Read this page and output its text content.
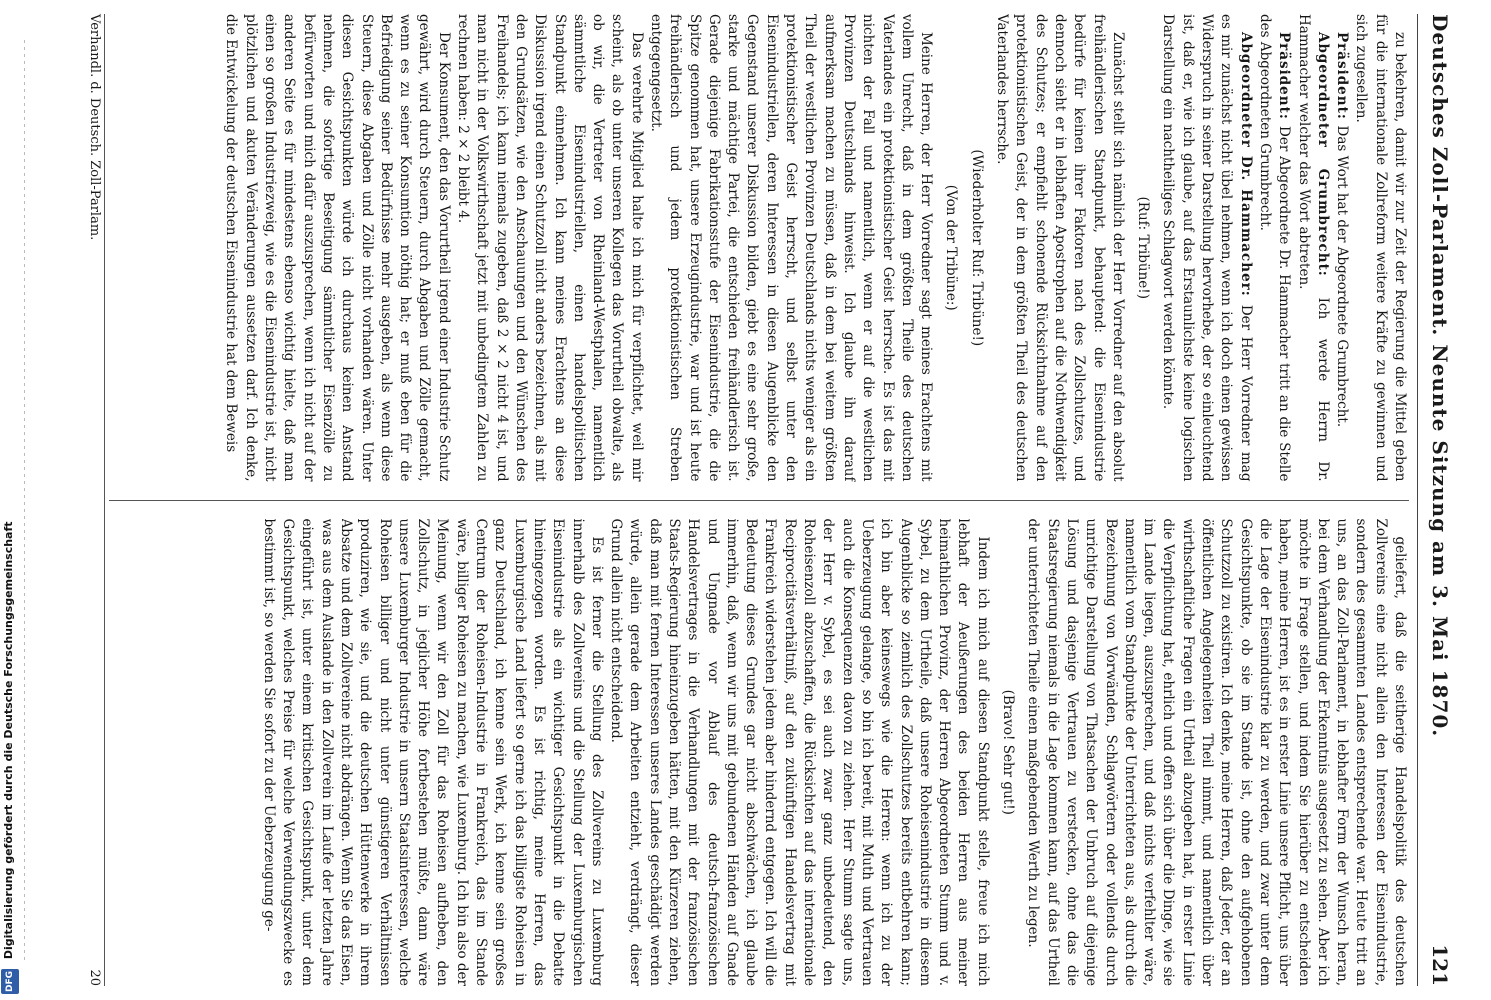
DFG Digitalisierung gefördert durch die Deutsche Forschungsgemeinschaft
Deutsches Zoll-Parlament. Neunte Sitzung am 3. Mai 1870.
121

zu bekehren, damit wir zur Zeit der Regierung die Mittel geben für die internationale Zollreform weitere Kräfte zu gewinnen und sich zugesellen.

Präsident: Das Wort hat der Abgeordnete Grumbrecht.

Abgeordneter Grumbrecht: Ich werde Herrn Dr. Hammacher welcher das Wort abtreten.

Präsident: Der Abgeordnete Dr. Hammacher tritt an die Stelle des Abgeordneten Grumbrecht.

Abgeordneter Dr. Hammacher: Der Herr Vorredner mag es mir zunächst nicht übel nehmen, wenn ich doch einen gewissen Widerspruch in seiner Darstellung hervorhebe, der so einleuchtend ist, daß er, wie ich glaube, auf das Erstaunlichste keine logischen Darstellung ein nachtheiliges Schlagwort werden könnte.

(Ruf: Tribüne!)

Zunächst stellt sich nämlich der Herr Vorredner auf den absolut freihändlerischen Standpunkt, behauptend: die Eisenindustrie bedürfe für keinen ihrer Faktoren nach des Zollschutzes, und dennoch sieht er in lebhaften Apostrophen auf die Nothwendigkeit des Schutzes; er empfiehlt schonende Rücksichtnahme auf den protektionistischen Geist, der in dem größten Theil des deutschen Vaterlandes herrsche.

(Wiederholter Ruf: Tribüne!)

(Von der Tribüne:)

Meine Herren, der Herr Vorredner sagt meines Erachtens mit vollem Unrecht, daß in dem größten Theile des deutschen Vaterlandes ein protektionistischer Geist herrsche. Es ist das mit nichten der Fall und namentlich, wenn er auf die westlichen Provinzen Deutschlands hinweist. Ich glaube ihn darauf aufmerksam machen zu müssen, daß in dem bei weitem größten Theil der westlichen Provinzen Deutschlands nichts weniger als ein protektionistischer Geist herrscht, und selbst unter den Eisenindustriellen, deren Interessen in diesen Augenblicke den Gegenstand unserer Diskussion bilden, giebt es eine sehr große, starke und mächtige Partei, die entschieden freihändlerisch ist. Gerade diejenige Fabrikationsstufe der Eisenindustrie, die die Spitze genommen hat, unsere Erzeugindustrie, war und ist heute freihändlerisch und jedem protektionistischen Streben entgegengesetzt.

Das verehrte Mitglied halte ich mich für verpflichtet, weil mir scheint, als ob unter unseren Kollegen das Vorurtheil obwalte, als ob wir, die Vertreter von Rheinland-Westphalen, namentlich sämmtliche Eisenindustriellen, einen handelspolitischen Standpunkt einnehmen. Ich kann meines Erachtens an diese Diskussion irgend einen Schutzzoll nicht anders bezeichnen, als mit den Grundsätzen, wie den Anschauungen und den Wünschen des Freihandels; ich kann niemals zugeben, daß 2 × 2 nicht 4 ist, und man nicht in der Volkswirthschaft jetzt mit unbedingtem Zahlen zu rechnen haben: 2 × 2 bleibt 4.

Der Konsument, den das Vorurtheil irgend einer Industrie Schutz gewährt, wird durch Steuern, durch Abgaben und Zölle gemacht, wenn es zu seiner Konsumtion nöthig hat; er muß eben für die Befriedigung seiner Bedürfnisse mehr ausgeben, als wenn diese Steuern, diese Abgaben und Zölle nicht vorhanden wären. Unter diesen Gesichtspunkten würde ich durchaus keinen Anstand nehmen, die sofortige Beseitigung sämmtlicher Eisenzölle zu befürworten und mich dafür auszusprechen, wenn ich nicht auf der anderen Seite es für mindestens ebenso wichtig hielte, daß man einen so großen Industriezweig, wie es die Eisenindustrie ist, nicht plötzlichen und akuten Veränderungen aussetzen darf. Ich denke, die Entwickelung der deutschen Eisenindustrie hat dem Beweis

geliefert, daß die seitherige Handelspolitik des deutschen Zollvereins eine nicht allein den Interessen der Eisenindustrie, sondern des gesammten Landes entsprechende war. Heute tritt an uns, an das Zoll-Parlament, in lebhafter Form der Wunsch heran, bei dem Verhandlung der Erkenntnis ausgesetzt zu sehen. Aber ich möchte in Frage stellen, und indem Sie hierüber zu entscheiden haben, meine Herren, ist es in erster Linie unsere Pflicht, uns über die Lage der Eisenindustrie klar zu werden, und zwar unter dem Gesichtspunkte, ob sie im Stande ist, ohne den aufgehobenen Schutzzoll zu existiren. Ich denke, meine Herren, daß Jeder, der an öffentlichen Angelegenheiten Theil nimmt, und namentlich über wirthschaftliche Fragen ein Urtheil abzugeben hat, in erster Linie die Verpflichtung hat, ehrlich und offen sich über die Dinge, wie sie im Lande liegen, auszusprechen, und daß nichts verfehlter wäre, namentlich vom Standpunkte der Unterrichteten aus, als durch die Bezeichnung von Vorwänden, Schlagwörtern oder vollends durch unrichtige Darstellung von Thatsachen der Unbruch auf diejenige Lösung und dasjenige Vertrauen zu verstecken, ohne das die Staatsregierung niemals in die Lage kommen kann, auf das Urtheil der unterrichteten Theile einen maßgebenden Werth zu legen.

(Bravo! Sehr gut!)

Indem ich mich auf diesen Standpunkt stelle, freue ich mich lebhaft der Aeußerungen des beiden Herren aus meiner heimathlichen Provinz, der Herren Abgeordneten Stumm und v. Sybel, zu dem Urtheile, daß unsere Roheisenindustrie in diesem Augenblicke so ziemlich des Zollschutzes bereits entbehren kann; ich bin aber keineswegs wie die Herren: wenn ich zu der Ueberzeugung gelange, so bin ich bereit, mit Muth und Vertrauen auch die Konsequenzen davon zu ziehen. Herr Stumm sagte uns, der Herr v. Sybel, es sei auch zwar ganz unbedeutend, den Roheisenzoll abzuschaffen, die Rücksichten auf das internationale Reciprocitätsverhältniß, auf den zukünftigen Handelsvertrag mit Frankreich widerstehen jedem aber hindernd entgegen. Ich will die Bedeutung dieses Grundes gar nicht abschwächen, ich glaube immerhin, daß, wenn wir uns mit gebundenen Händen auf Gnade und Ungnade vor Ablauf des deutsch-französischen Handelsvertrages in die Verhandlungen mit der französischen Staats-Regierung hineinzugeben hätten, mit den Kürzeren ziehen, daß man mit fernen Interessen unseres Landes geschädigt werden würde, allein gerade dem Arbeiten entzieht, verdrängt, dieser Grund allein nicht entscheidend.

Es ist ferner die Stellung des Zollvereins zu Luxemburg innerhalb des Zollvereins und die Stellung der Luxemburgischen Eisenindustrie als ein wichtiger Gesichtspunkt in die Debatte hineingezogen worden. Es ist richtig, meine Herren, das Luxemburgische Land liefert so gerne ich das billigste Roheisen in ganz Deutschland, ich kenne sein Werk, ich kenne sein großes Centrum der Roheisen-Industrie in Frankreich, das im Stande wäre, billiger Roheisen zu machen, wie Luxemburg. Ich bin also der Meinung, wenn wir den Zoll für das Roheisen aufheben, den Zollschutz, in jeglicher Höhe fortbestehen müßte, dann wäre unsere Luxemburger Industrie in unsern Staatsinteressen, welche Roheisen billiger und nicht unter günstigeren Verhältnissen produziren, wie sie, und die deutschen Hüttenwerke in ihrem Absatze und dem Zollvereine nicht abdrängen. Wenn Sie das Eisen, was aus dem Auslande in den Zollverein im Laufe der letzten Jahre eingeführt ist, unter einem kritischen Gesichtspunkt, unter dem Gesichtspunkt, welches Preise für welche Verwendungszwecke es bestimmt ist, so werden Sie sofort zu der Ueberzeugung ge-

Verhandl. d. Deutsch. Zoll-Parlam.
20
